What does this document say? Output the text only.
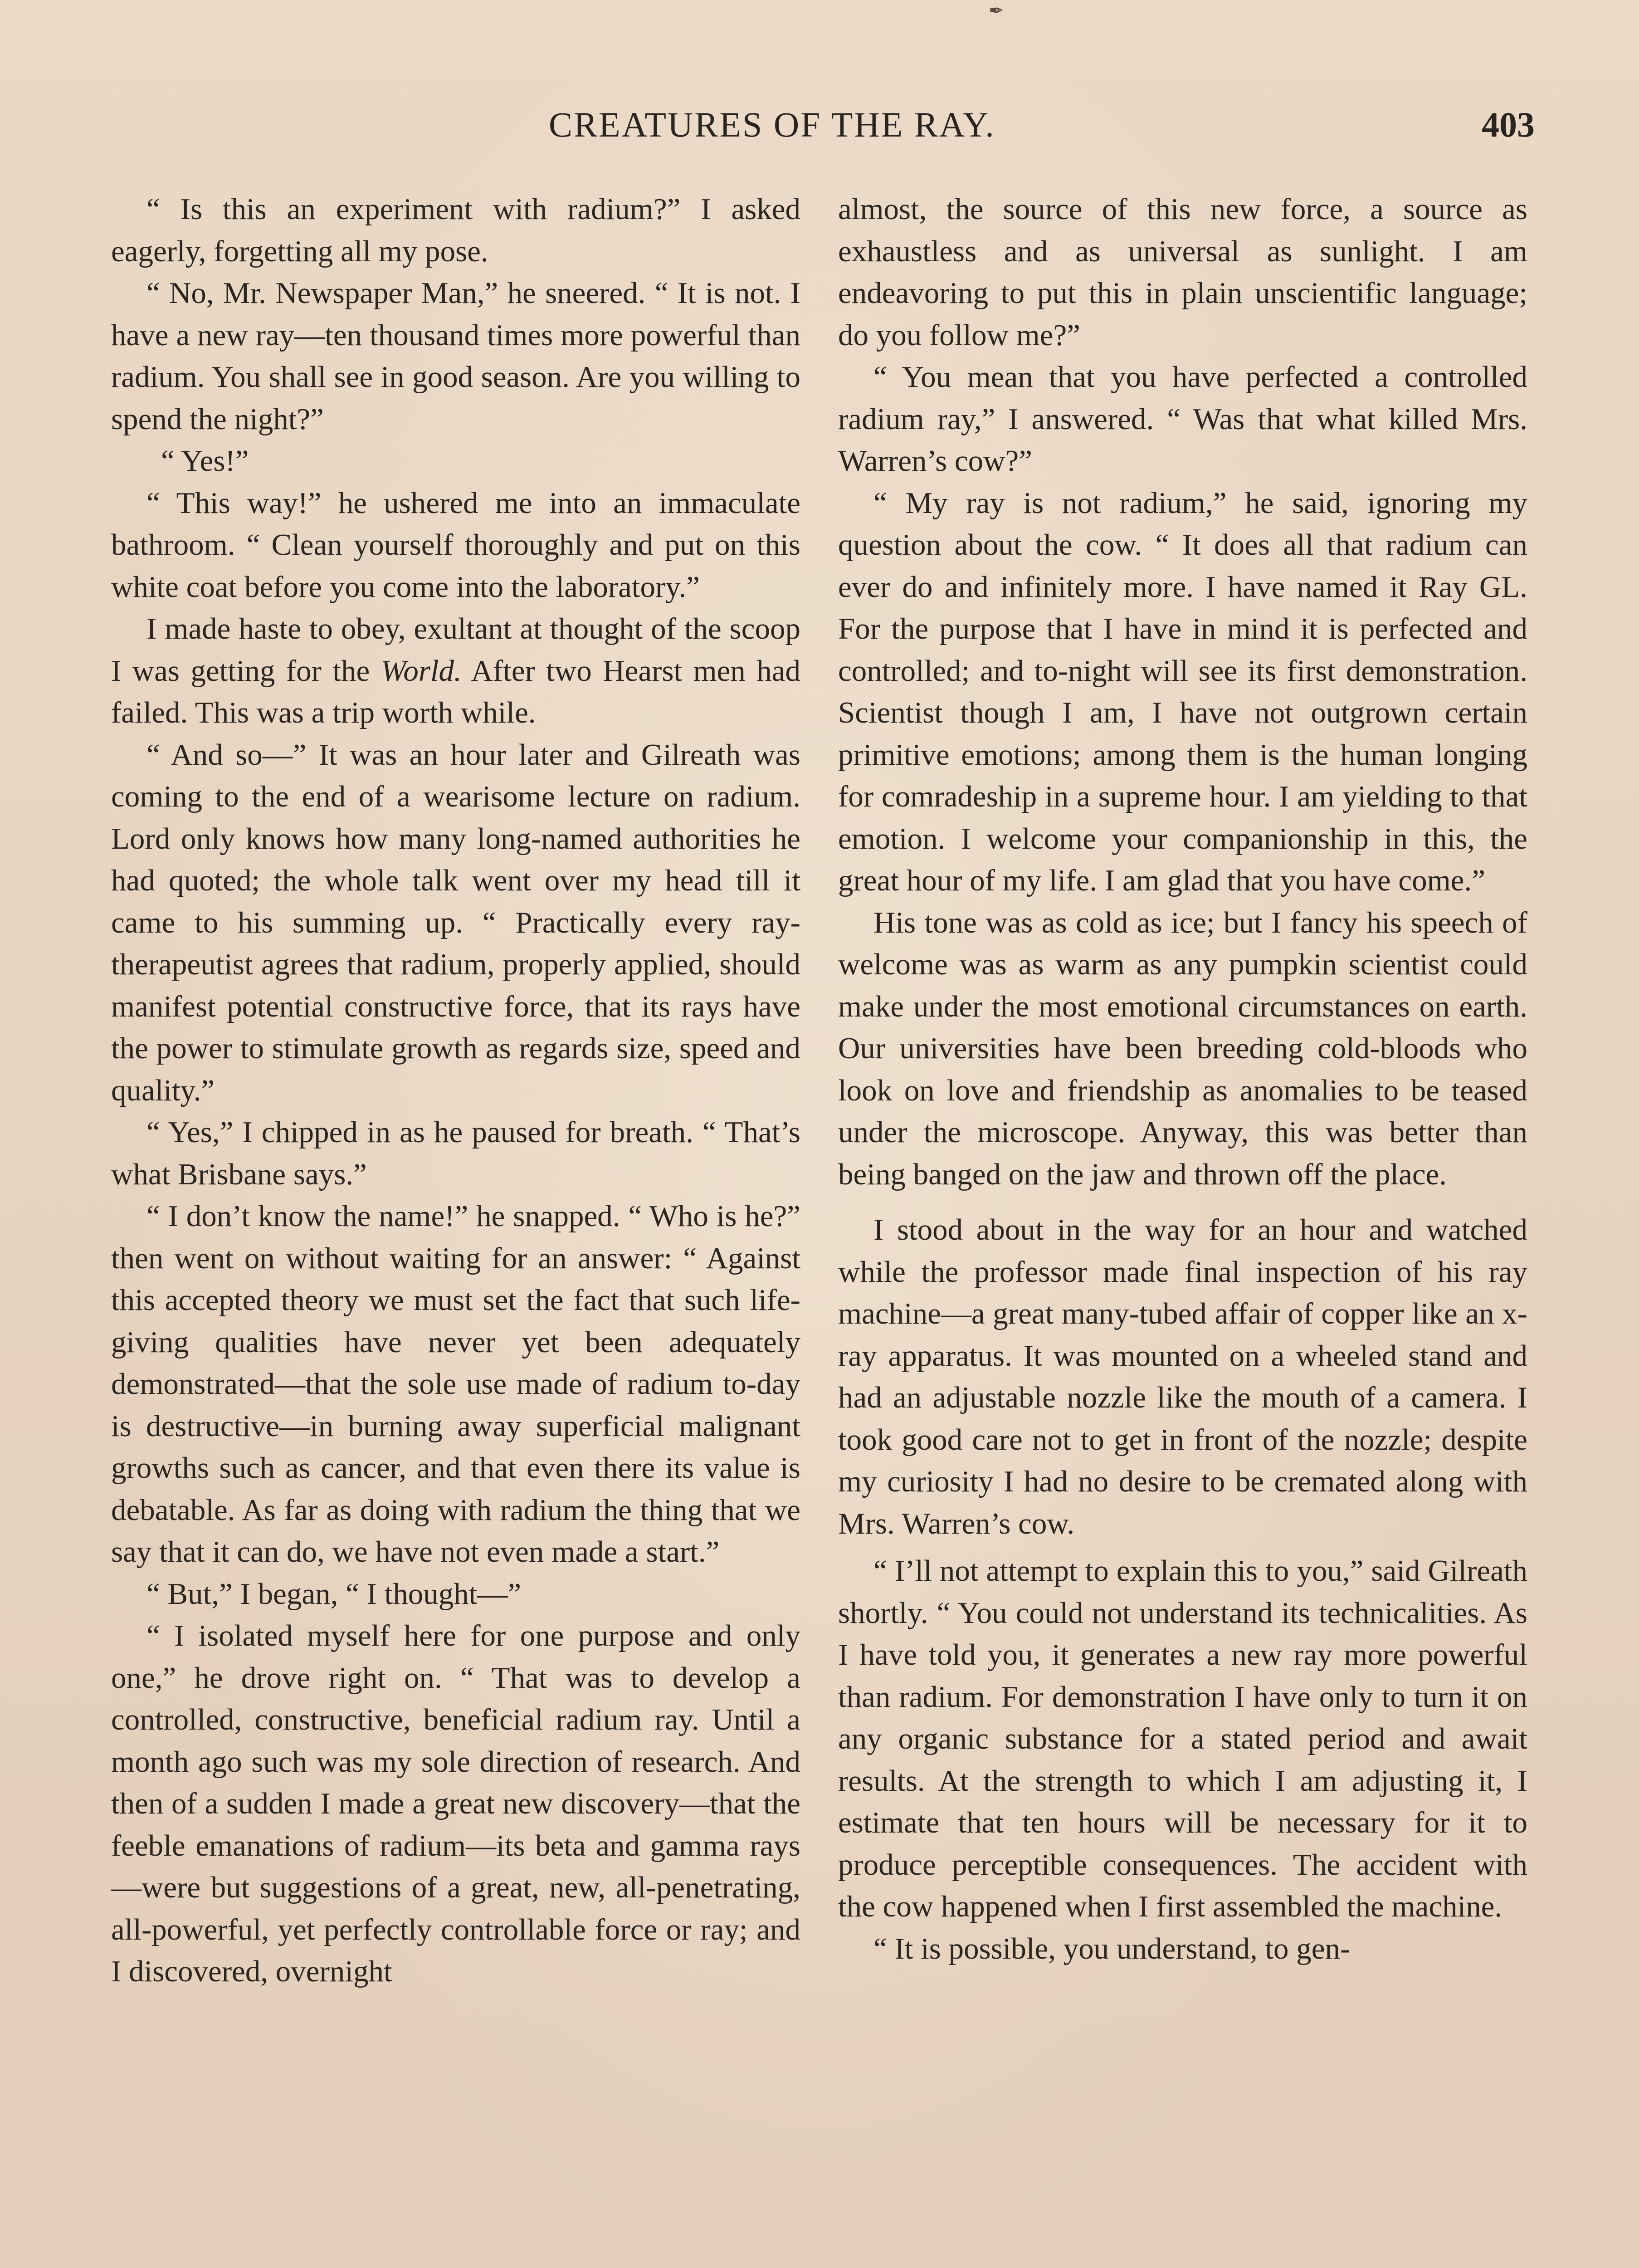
✒
CREATURES OF THE RAY.	403

“ Is this an experiment with radium?” I asked eagerly, forgetting all my pose.

“ No, Mr. Newspaper Man,” he sneered. “ It is not. I have a new ray—ten thousand times more powerful than radium. You shall see in good season. Are you willing to spend the night?”

“ Yes!”

“ This way!” he ushered me into an immaculate bathroom. “ Clean yourself thoroughly and put on this white coat before you come into the laboratory.”

I made haste to obey, exultant at thought of the scoop I was getting for the World. After two Hearst men had failed. This was a trip worth while.

“ And so—” It was an hour later and Gilreath was coming to the end of a wearisome lecture on radium. Lord only knows how many long-named authorities he had quoted; the whole talk went over my head till it came to his summing up. “ Practically every ray-therapeutist agrees that radium, properly applied, should manifest potential constructive force, that its rays have the power to stimulate growth as regards size, speed and quality.”

“ Yes,” I chipped in as he paused for breath. “ That’s what Brisbane says.”

“ I don’t know the name!” he snapped. “ Who is he?” then went on without waiting for an answer: “ Against this accepted theory we must set the fact that such life-giving qualities have never yet been adequately demonstrated—that the sole use made of radium to-day is destructive—in burning away superficial malignant growths such as cancer, and that even there its value is debatable. As far as doing with radium the thing that we say that it can do, we have not even made a start.”

“ But,” I began, “ I thought—”

“ I isolated myself here for one purpose and only one,” he drove right on. “ That was to develop a controlled, constructive, beneficial radium ray. Until a month ago such was my sole direction of research. And then of a sudden I made a great new discovery—that the feeble emanations of radium—its beta and gamma rays—were but suggestions of a great, new, all-penetrating, all-powerful, yet perfectly controllable force or ray; and I discovered, overnight

almost, the source of this new force, a source as exhaustless and as universal as sunlight. I am endeavoring to put this in plain unscientific language; do you follow me?”

“ You mean that you have perfected a controlled radium ray,” I answered. “ Was that what killed Mrs. Warren’s cow?”

“ My ray is not radium,” he said, ignoring my question about the cow. “ It does all that radium can ever do and infinitely more. I have named it Ray GL. For the purpose that I have in mind it is perfected and controlled; and to-night will see its first demonstration. Scientist though I am, I have not outgrown certain primitive emotions; among them is the human longing for comradeship in a supreme hour. I am yielding to that emotion. I welcome your companionship in this, the great hour of my life. I am glad that you have come.”

His tone was as cold as ice; but I fancy his speech of welcome was as warm as any pumpkin scientist could make under the most emotional circumstances on earth. Our universities have been breeding cold-bloods who look on love and friendship as anomalies to be teased under the microscope. Anyway, this was better than being banged on the jaw and thrown off the place.

I stood about in the way for an hour and watched while the professor made final inspection of his ray machine—a great many-tubed affair of copper like an x-ray apparatus. It was mounted on a wheeled stand and had an adjustable nozzle like the mouth of a camera. I took good care not to get in front of the nozzle; despite my curiosity I had no desire to be cremated along with Mrs. Warren’s cow.

“ I’ll not attempt to explain this to you,” said Gilreath shortly. “ You could not understand its technicalities. As I have told you, it generates a new ray more powerful than radium. For demonstration I have only to turn it on any organic substance for a stated period and await results. At the strength to which I am adjusting it, I estimate that ten hours will be necessary for it to produce perceptible consequences. The accident with the cow happened when I first assembled the machine.

“ It is possible, you understand, to gen-
